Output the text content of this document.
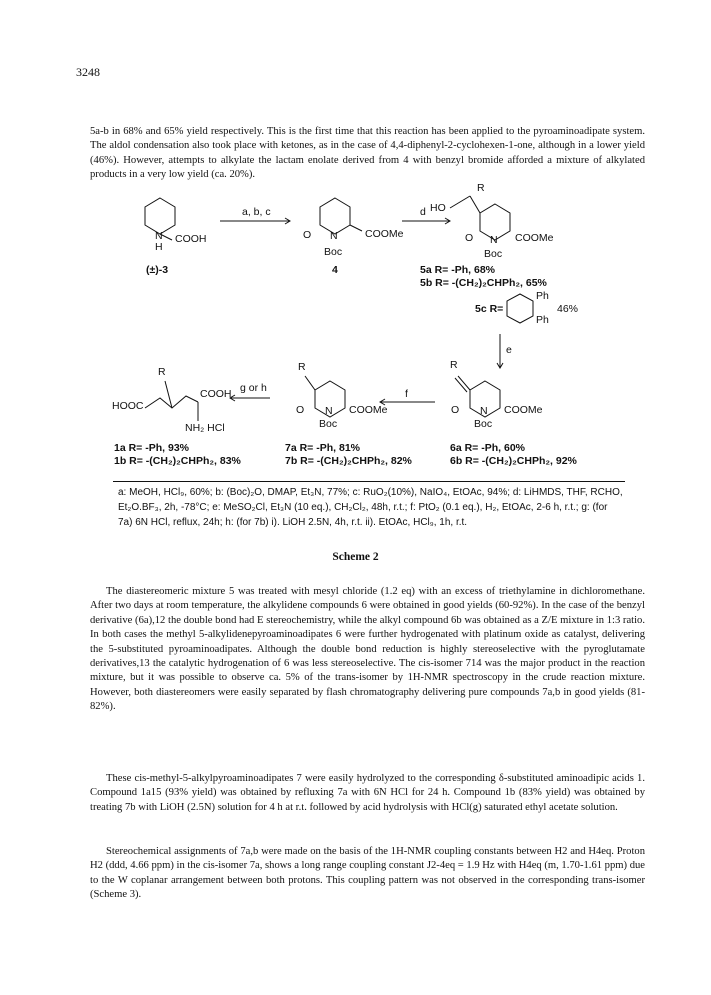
3248

5a-b in 68% and 65% yield respectively. This is the first time that this reaction has been applied to the pyroaminoadipate system. The aldol condensation also took place with ketones, as in the case of 4,4-diphenyl-2-cyclohexen-1-one, although in a lower yield (46%). However, attempts to alkylate the lactam enolate derived from 4 with benzyl bromide afforded a mixture of alkylated products in a very low yield (ca. 20%).

COOH
N
H
(±)-3
a, b, c
O N	COOMe
Boc
4
d
R
HO
O N COOMe
Boc
5a R= -Ph, 68%
5b R= -(CH₂)₂CHPh₂, 65%
5c R=
Ph
Ph
46%
e
R
O N COOMe
Boc
6a R= -Ph, 60%
6b R= -(CH₂)₂CHPh₂, 92%
f
R
O N COOMe
Boc
7a R= -Ph, 81%
7b R= -(CH₂)₂CHPh₂, 82%
g or h
R
HOOC
COOH
NH₂ HCl
1a R= -Ph, 93%
1b R= -(CH₂)₂CHPh₂, 83%

a: MeOH, HCl₉, 60%; b: (Boc)₂O, DMAP, Et₃N, 77%; c: RuO₂(10%), NaIO₄, EtOAc, 94%; d: LiHMDS, THF, RCHO, Et₂O.BF₃, 2h, -78°C; e: MeSO₂Cl, Et₃N (10 eq.), CH₂Cl₂, 48h, r.t.; f: PtO₂ (0.1 eq.), H₂, EtOAc, 2-6 h, r.t.; g: (for 7a) 6N HCl, reflux, 24h; h: (for 7b) i). LiOH 2.5N, 4h, r.t. ii). EtOAc, HCl₉, 1h, r.t.

Scheme 2

The diastereomeric mixture 5 was treated with mesyl chloride (1.2 eq) with an excess of triethylamine in dichloromethane. After two days at room temperature, the alkylidene compounds 6 were obtained in good yields (60-92%). In the case of the benzyl derivative (6a),12 the double bond had E stereochemistry, while the alkyl compound 6b was obtained as a Z/E mixture in 1:3 ratio. In both cases the methyl 5-alkylidenepyroaminoadipates 6 were further hydrogenated with platinum oxide as catalyst, delivering the 5-substituted pyroaminoadipates. Although the double bond reduction is highly stereoselective with the pyroglutamate derivatives,13 the catalytic hydrogenation of 6 was less stereoselective. The cis-isomer 714 was the major product in the reaction mixture, but it was possible to observe ca. 5% of the trans-isomer by 1H-NMR spectroscopy in the crude reaction mixture. However, both diastereomers were easily separated by flash chromatography delivering pure compounds 7a,b in good yields (81-82%).

These cis-methyl-5-alkylpyroaminoadipates 7 were easily hydrolyzed to the corresponding δ-substituted aminoadipic acids 1. Compound 1a15 (93% yield) was obtained by refluxing 7a with 6N HCl for 24 h. Compound 1b (83% yield) was obtained by treating 7b with LiOH (2.5N) solution for 4 h at r.t. followed by acid hydrolysis with HCl(g) saturated ethyl acetate solution.

Stereochemical assignments of 7a,b were made on the basis of the 1H-NMR coupling constants between H2 and H4eq. Proton H2 (ddd, 4.66 ppm) in the cis-isomer 7a, shows a long range coupling constant J2-4eq = 1.9 Hz with H4eq (m, 1.70-1.61 ppm) due to the W coplanar arrangement between both protons. This coupling pattern was not observed in the corresponding trans-isomer (Scheme 3).
